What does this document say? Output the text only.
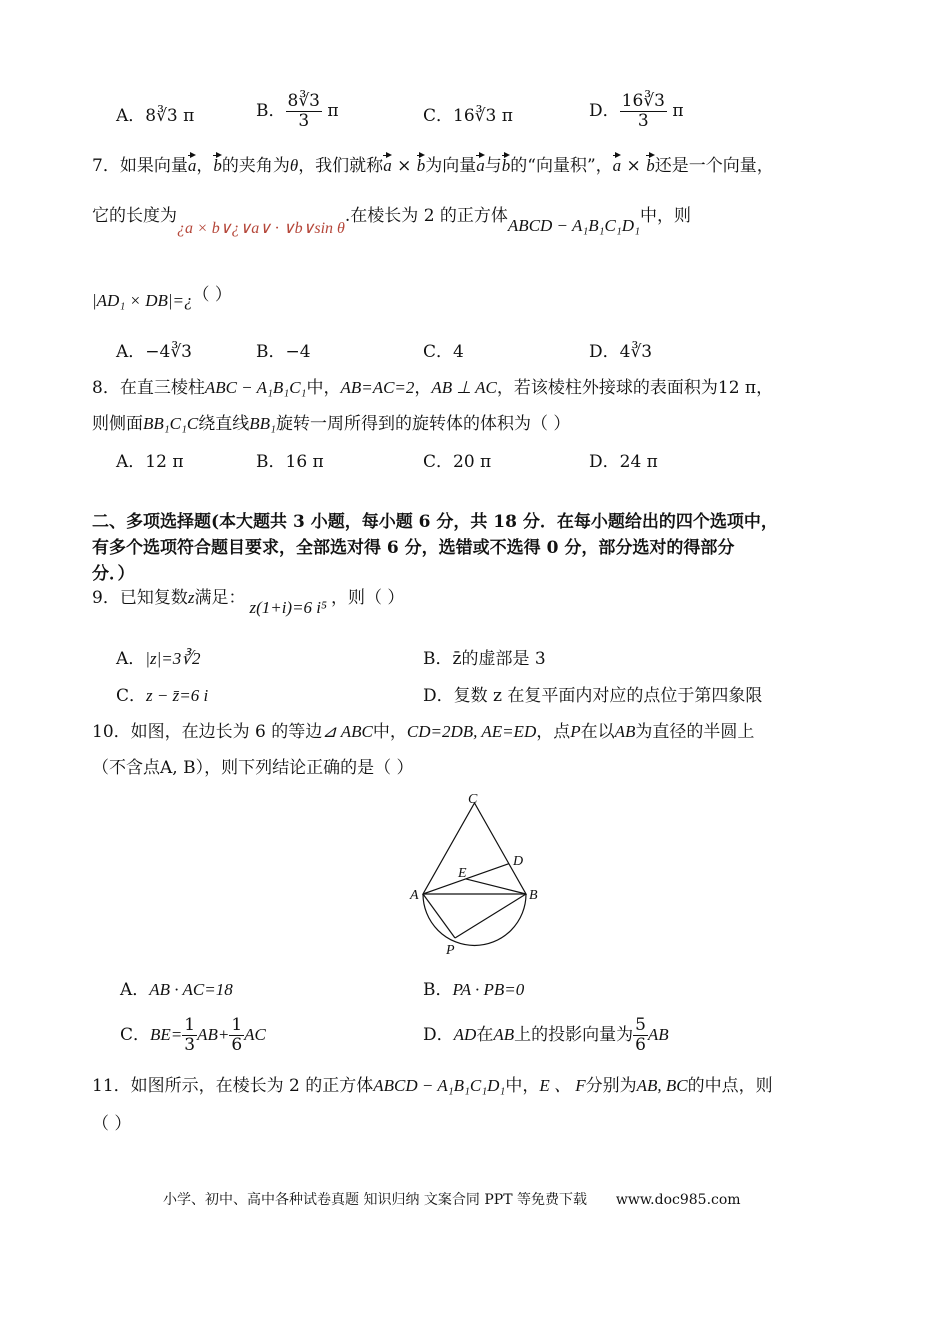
A．8∛3 π	B． $\frac{8∛3}{3}$ π	C．16∛3 π	D． $\frac{16∛3}{3}$ π
7．如果向量a，b的夹角为θ，我们就称a × b为向量a与b的“向量积”，a × b还是一个向量，
它的长度为¿a × b∨¿∨a∨ · ∨b∨sin θ.在棱长为 2 的正方体ABCD − A₁B₁C₁D₁中，则
|AD₁ × DB|=¿（ ）
A．−4∛3	B．−4	C．4	D．4∛3
8．在直三棱柱ABC − A₁B₁C₁中，AB=AC=2，AB ⊥ AC，若该棱柱外接球的表面积为12 π，
则侧面BB₁C₁C绕直线BB₁旋转一周所得到的旋转体的体积为（ ）
A．12 π	B．16 π	C．20 π	D．24 π
二、多项选择题(本大题共 3 小题，每小题 6 分，共 18 分．在每小题给出的四个选项中，
有多个选项符合题目要求，全部选对得 6 分，选错或不选得 0 分，部分选对的得部分
分．）
9．已知复数z满足： z(1+i)=6 i⁵ ，则（ ）
A．|z|=3∛2	B．z̄的虚部是 3
C．z − z̄=6 i	D．复数 z 在复平面内对应的点位于第四象限
10．如图，在边长为 6 的等边⊿ ABC中，CD=2DB, AE=ED，点P在以AB为直径的半圆上
（不含点A, B），则下列结论正确的是（ ）
C
D
E
A	B
P
A．AB · AC=18	B．PA · PB=0
C．$BE= \frac{1}{3} AB+ \frac{1}{6}$ AC	D．AD在AB上的投影向量为 $\frac{5}{6}$ AB
11．如图所示，在棱长为 2 的正方体ABCD − A₁B₁C₁D₁中，E 、 F分别为AB, BC的中点，则
（ ）
小学、初中、高中各种试卷真题 知识归纳 文案合同 PPT 等免费下载 www.doc985.com
